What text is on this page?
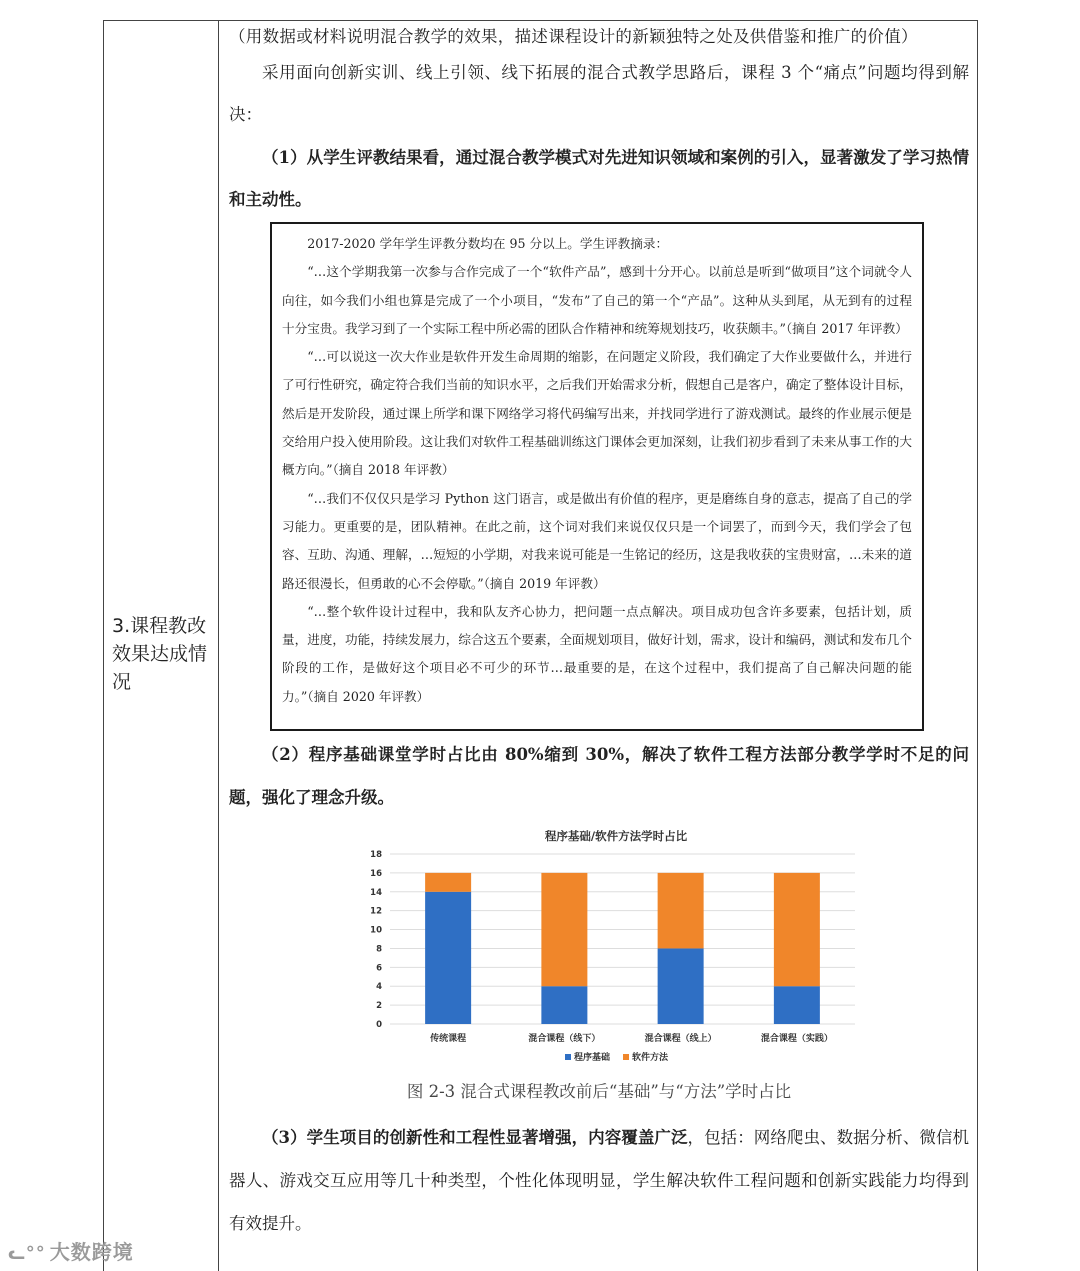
3.课程教改效果达成情况
（用数据或材料说明混合教学的效果，描述课程设计的新颖独特之处及供借鉴和推广的价值）
采用面向创新实训、线上引领、线下拓展的混合式教学思路后，课程 3 个“痛点”问题均得到解决：
（1）从学生评教结果看，通过混合教学模式对先进知识领域和案例的引入，显著激发了学习热情和主动性。

2017-2020 学年学生评教分数均在 95 分以上。学生评教摘录：

“…这个学期我第一次参与合作完成了一个“软件产品”，感到十分开心。以前总是听到“做项目”这个词就令人向往，如今我们小组也算是完成了一个小项目，“发布”了自己的第一个“产品”。这种从头到尾，从无到有的过程十分宝贵。我学习到了一个实际工程中所必需的团队合作精神和统筹规划技巧，收获颇丰。”（摘自 2017 年评教）

“…可以说这一次大作业是软件开发生命周期的缩影，在问题定义阶段，我们确定了大作业要做什么，并进行了可行性研究，确定符合我们当前的知识水平，之后我们开始需求分析，假想自己是客户，确定了整体设计目标，然后是开发阶段，通过课上所学和课下网络学习将代码编写出来，并找同学进行了游戏测试。最终的作业展示便是交给用户投入使用阶段。这让我们对软件工程基础训练这门课体会更加深刻，让我们初步看到了未来从事工作的大概方向。”（摘自 2018 年评教）

“…我们不仅仅只是学习 Python 这门语言，或是做出有价值的程序，更是磨练自身的意志，提高了自己的学习能力。更重要的是，团队精神。在此之前，这个词对我们来说仅仅只是一个词罢了，而到今天，我们学会了包容、互助、沟通、理解，…短短的小学期，对我来说可能是一生铭记的经历，这是我收获的宝贵财富，…未来的道路还很漫长，但勇敢的心不会停歇。”（摘自 2019 年评教）

“…整个软件设计过程中，我和队友齐心协力，把问题一点点解决。项目成功包含许多要素，包括计划，质量，进度，功能，持续发展力，综合这五个要素，全面规划项目，做好计划，需求，设计和编码，测试和发布几个阶段的工作，是做好这个项目必不可少的环节…最重要的是，在这个过程中，我们提高了自己解决问题的能力。”（摘自 2020 年评教）

（2）程序基础课堂学时占比由 80%缩到 30%，解决了软件工程方法部分教学学时不足的问题，强化了理念升级。
程序基础/软件方法学时占比
0
2
4
6
8
10
12
14
16
18
传统课程	混合课程（线下）	混合课程（线上）	混合课程（实践）
程序基础 软件方法
图 2-3 混合式课程教改前后“基础”与“方法”学时占比
（3）学生项目的创新性和工程性显著增强，内容覆盖广泛，包括：网络爬虫、数据分析、微信机器人、游戏交互应用等几十种类型，个性化体现明显，学生解决软件工程问题和创新实践能力均得到有效提升。
ᓚ°° 大数跨境
